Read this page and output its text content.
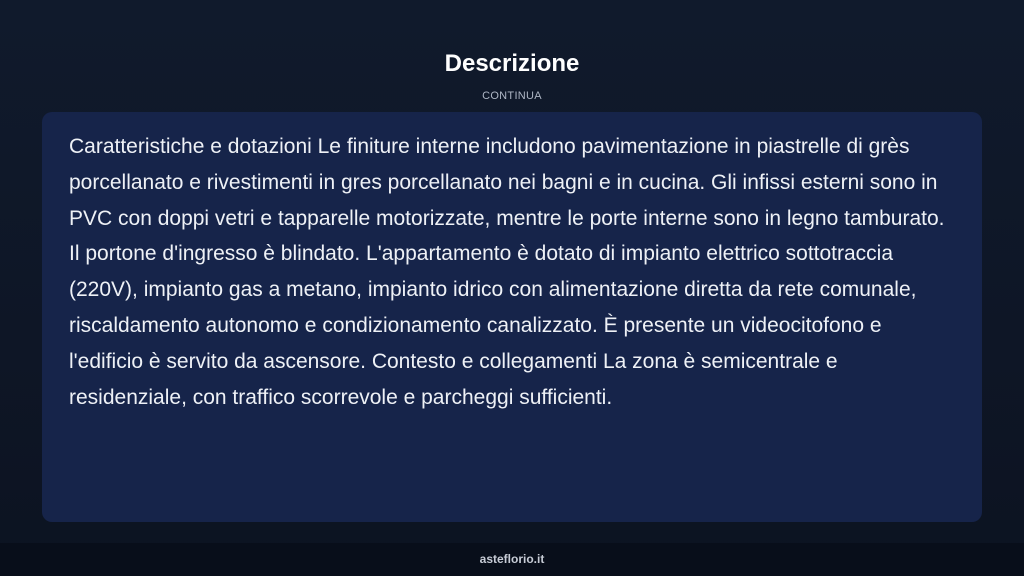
Descrizione
CONTINUA

Caratteristiche e dotazioni Le finiture interne includono pavimentazione in piastrelle di grès porcellanato e rivestimenti in gres porcellanato nei bagni e in cucina. Gli infissi esterni sono in PVC con doppi vetri e tapparelle motorizzate, mentre le porte interne sono in legno tamburato. Il portone d'ingresso è blindato. L'appartamento è dotato di impianto elettrico sottotraccia (220V), impianto gas a metano, impianto idrico con alimentazione diretta da rete comunale, riscaldamento autonomo e condizionamento canalizzato. È presente un videocitofono e l'edificio è servito da ascensore. Contesto e collegamenti La zona è semicentrale e residenziale, con traffico scorrevole e parcheggi sufficienti.

asteflorio.it
